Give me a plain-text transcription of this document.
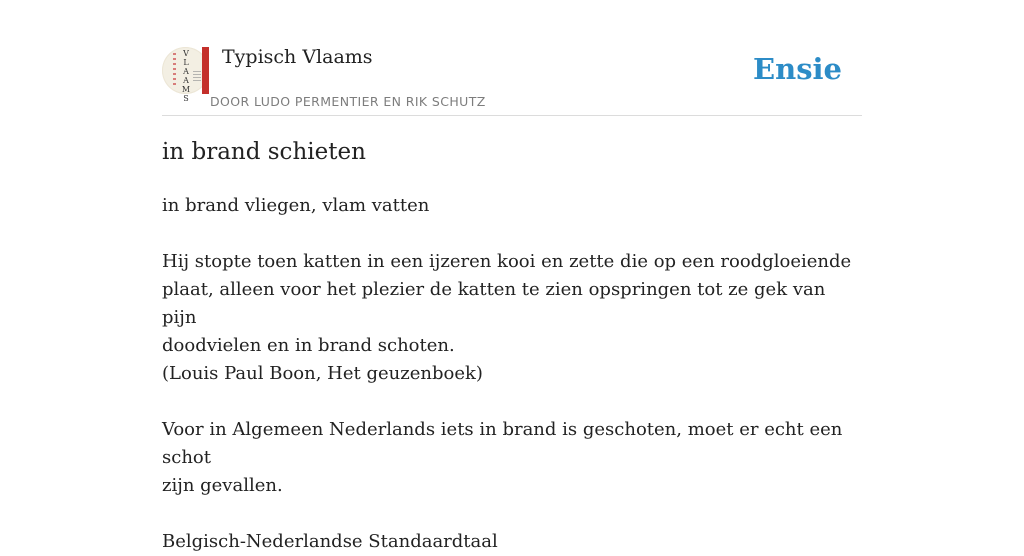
V
L
A
A
M
S
Typisch Vlaams
DOOR LUDO PERMENTIER EN RIK SCHUTZ
Ensie
in brand schieten

in brand vliegen, vlam vatten

Hij stopte toen katten in een ijzeren kooi en zette die op een roodgloeiende

plaat, alleen voor het plezier de katten te zien opspringen tot ze gek van pijn

doodvielen en in brand schoten.

(Louis Paul Boon, Het geuzenboek)

Voor in Algemeen Nederlands iets in brand is geschoten, moet er echt een schot

zijn gevallen.

Belgisch-Nederlandse Standaardtaal
